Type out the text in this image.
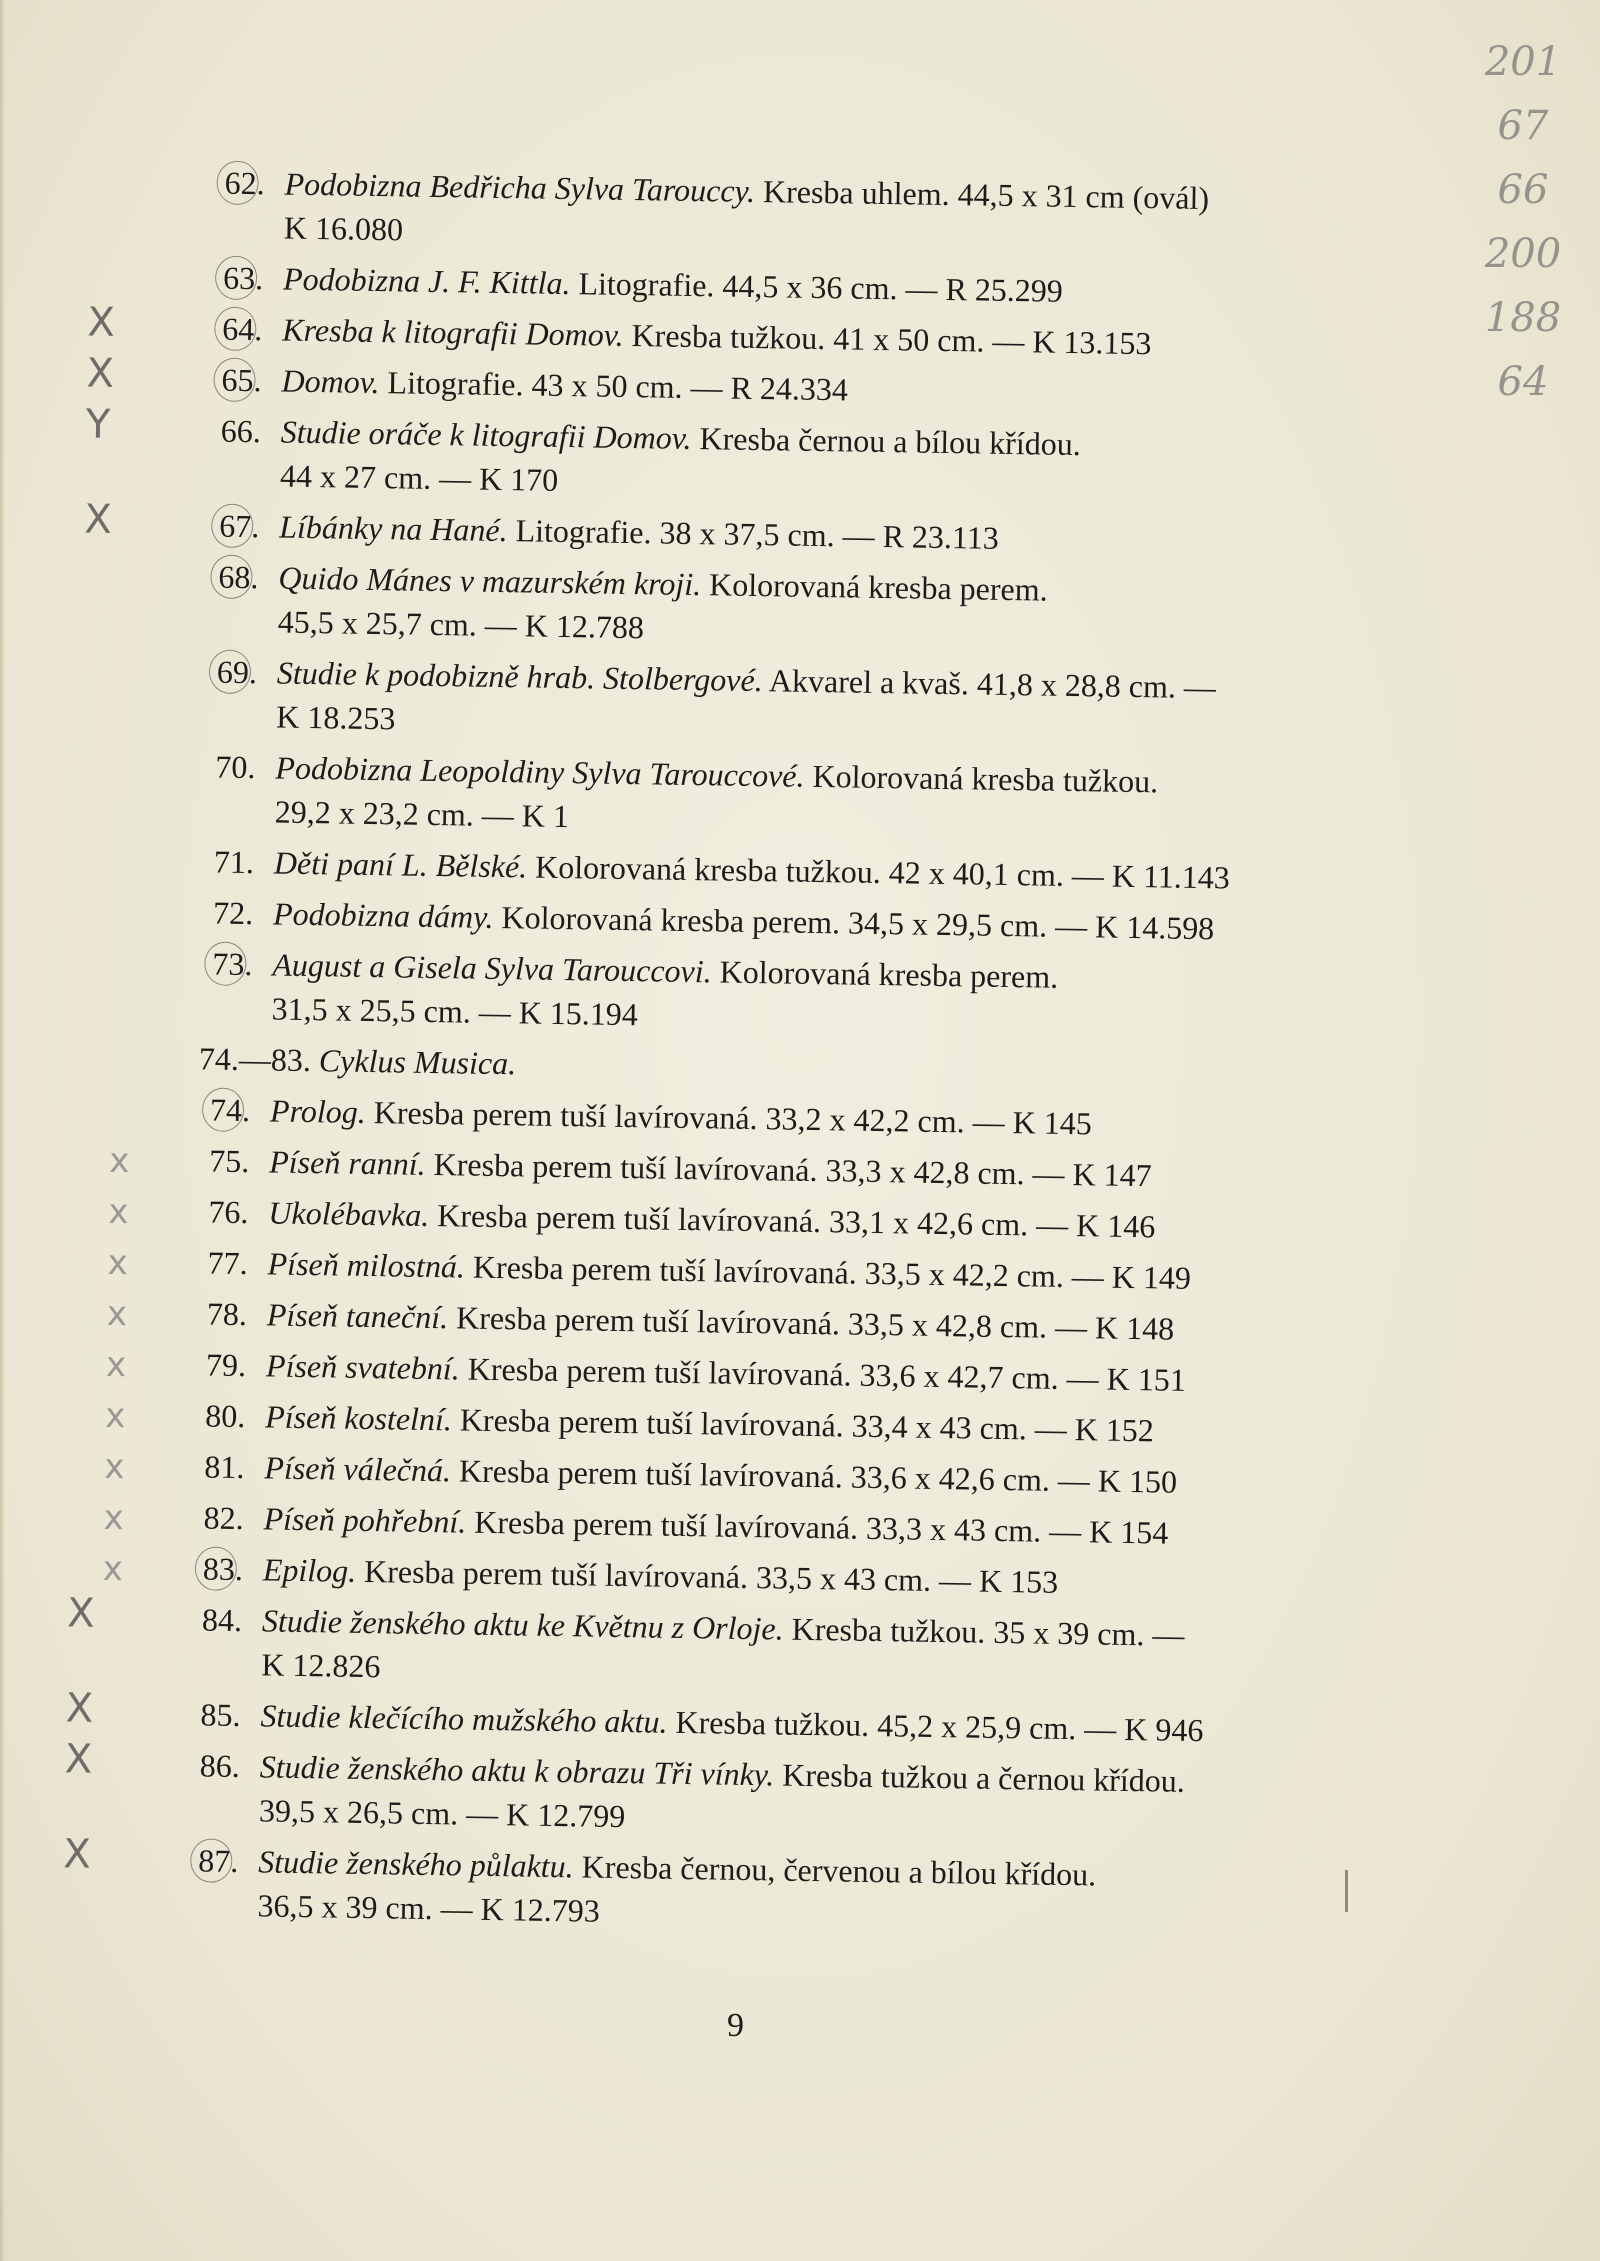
201
67
66
200
188
64
62. Podobizna Bedřicha Sylva Tarouccy. Kresba uhlem. 44,5 x 31 cm (ovál)
K 16.080
63. Podobizna J. F. Kittla. Litografie. 44,5 x 36 cm. — R 25.299
X	64. Kresba k litografii Domov. Kresba tužkou. 41 x 50 cm. — K 13.153
X	65. Domov. Litografie. 43 x 50 cm. — R 24.334
Y	66. Studie oráče k litografii Domov. Kresba černou a bílou křídou.
44 x 27 cm. — K 170
X	67. Líbánky na Hané. Litografie. 38 x 37,5 cm. — R 23.113
68. Quido Mánes v mazurském kroji. Kolorovaná kresba perem.
45,5 x 25,7 cm. — K 12.788
69. Studie k podobizně hrab. Stolbergové. Akvarel a kvaš. 41,8 x 28,8 cm. —
K 18.253
70. Podobizna Leopoldiny Sylva Tarouccové. Kolorovaná kresba tužkou.
29,2 x 23,2 cm. — K 1
71. Děti paní L. Bělské. Kolorovaná kresba tužkou. 42 x 40,1 cm. — K 11.143
72. Podobizna dámy. Kolorovaná kresba perem. 34,5 x 29,5 cm. — K 14.598
73. August a Gisela Sylva Tarouccovi. Kolorovaná kresba perem.
31,5 x 25,5 cm. — K 15.194
74.—83. Cyklus Musica.
74. Prolog. Kresba perem tuší lavírovaná. 33,2 x 42,2 cm. — K 145
x 75. Píseň ranní. Kresba perem tuší lavírovaná. 33,3 x 42,8 cm. — K 147
x 76. Ukolébavka. Kresba perem tuší lavírovaná. 33,1 x 42,6 cm. — K 146
x 77. Píseň milostná. Kresba perem tuší lavírovaná. 33,5 x 42,2 cm. — K 149
x 78. Píseň taneční. Kresba perem tuší lavírovaná. 33,5 x 42,8 cm. — K 148
x 79. Píseň svatební. Kresba perem tuší lavírovaná. 33,6 x 42,7 cm. — K 151
x 80. Píseň kostelní. Kresba perem tuší lavírovaná. 33,4 x 43 cm. — K 152
x 81. Píseň válečná. Kresba perem tuší lavírovaná. 33,6 x 42,6 cm. — K 150
x 82. Píseň pohřební. Kresba perem tuší lavírovaná. 33,3 x 43 cm. — K 154
x 83. Epilog. Kresba perem tuší lavírovaná. 33,5 x 43 cm. — K 153
X	84. Studie ženského aktu ke Květnu z Orloje. Kresba tužkou. 35 x 39 cm. —
K 12.826
X	85. Studie klečícího mužského aktu. Kresba tužkou. 45,2 x 25,9 cm. — K 946
X	86. Studie ženského aktu k obrazu Tři vínky. Kresba tužkou a černou křídou.
39,5 x 26,5 cm. — K 12.799
X	87. Studie ženského půlaktu. Kresba černou, červenou a bílou křídou.
36,5 x 39 cm. — K 12.793
9
